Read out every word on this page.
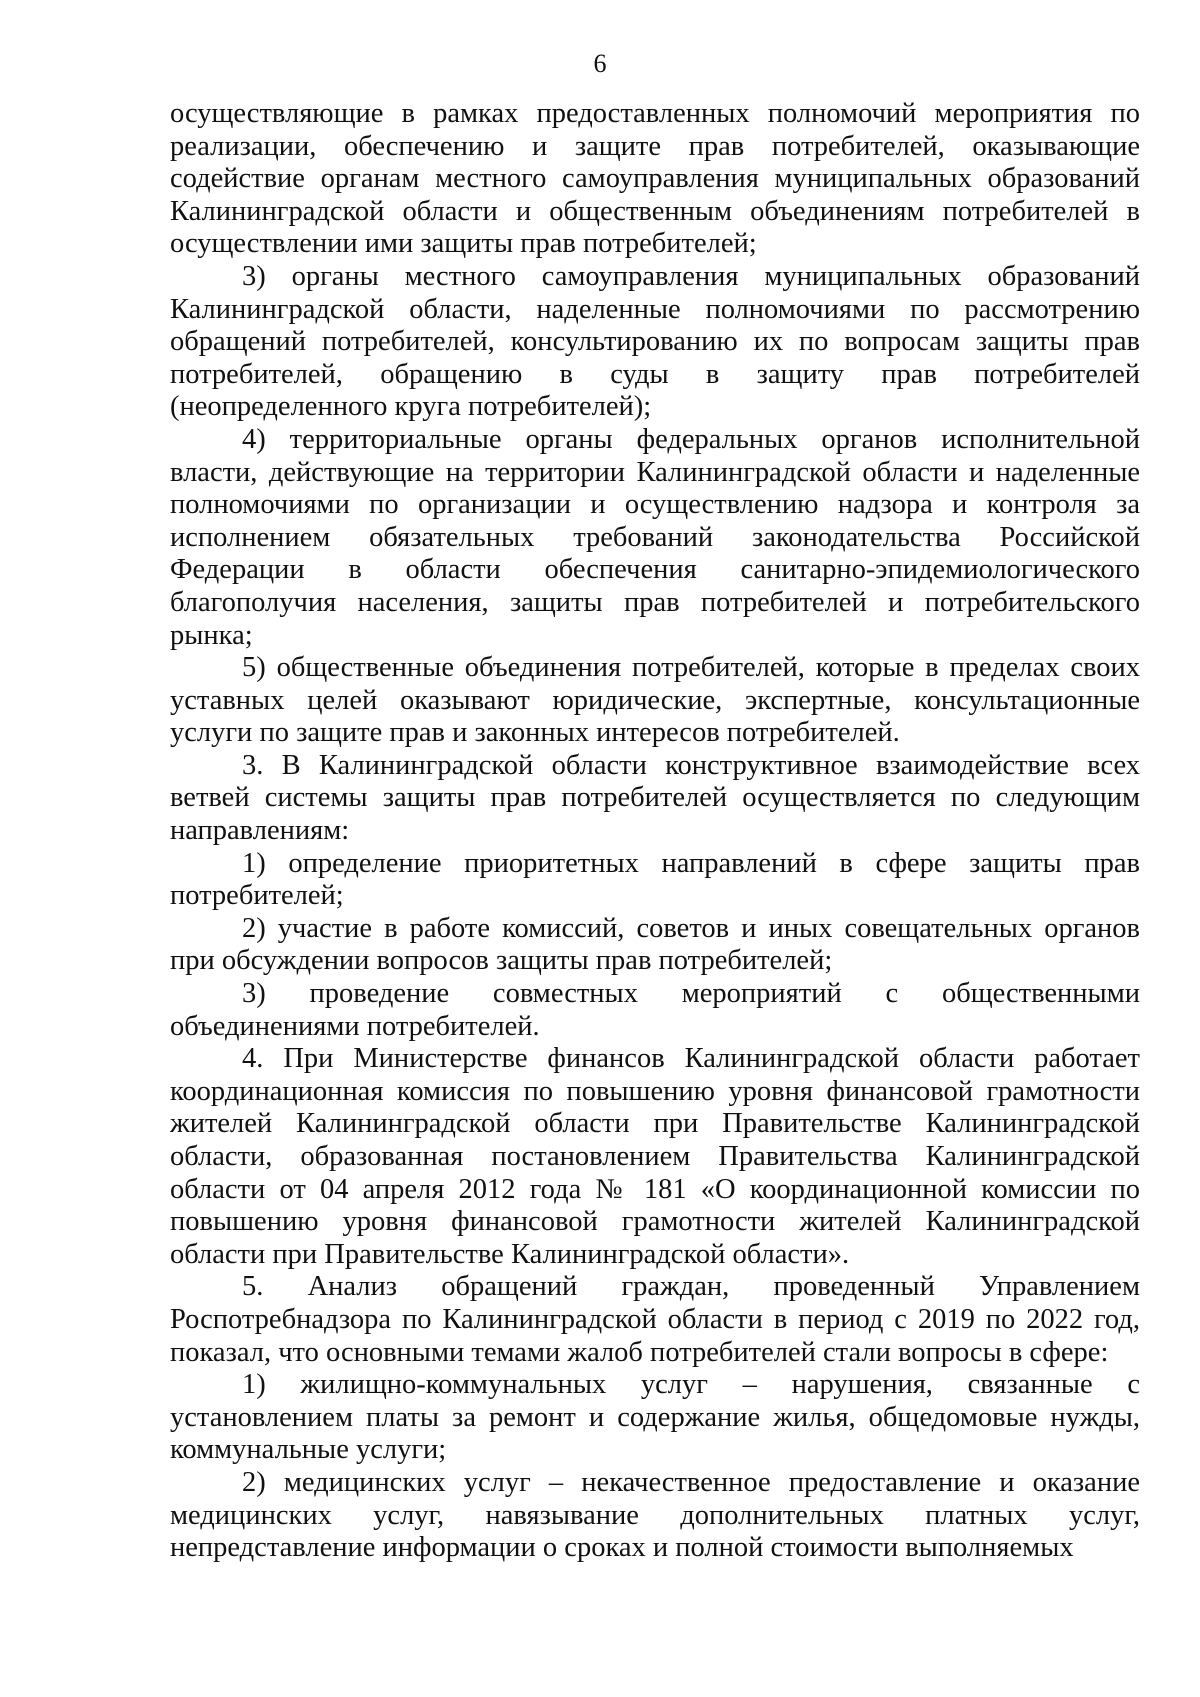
6

осуществляющие в рамках предоставленных полномочий мероприятия по реализации, обеспечению и защите прав потребителей, оказывающие содействие органам местного самоуправления муниципальных образований Калининградской области и общественным объединениям потребителей в осуществлении ими защиты прав потребителей;

3) органы местного самоуправления муниципальных образований Калининградской области, наделенные полномочиями по рассмотрению обращений потребителей, консультированию их по вопросам защиты прав потребителей, обращению в суды в защиту прав потребителей (неопределенного круга потребителей);

4) территориальные органы федеральных органов исполнительной власти, действующие на территории Калининградской области и наделенные полномочиями по организации и осуществлению надзора и контроля за исполнением обязательных требований законодательства Российской Федерации в области обеспечения санитарно-эпидемиологического благополучия населения, защиты прав потребителей и потребительского рынка;

5) общественные объединения потребителей, которые в пределах своих уставных целей оказывают юридические, экспертные, консультационные услуги по защите прав и законных интересов потребителей.

3. В Калининградской области конструктивное взаимодействие всех ветвей системы защиты прав потребителей осуществляется по следующим направлениям:

1) определение приоритетных направлений в сфере защиты прав потребителей;

2) участие в работе комиссий, советов и иных совещательных органов при обсуждении вопросов защиты прав потребителей;

3) проведение совместных мероприятий с общественными объединениями потребителей.

4. При Министерстве финансов Калининградской области работает координационная комиссия по повышению уровня финансовой грамотности жителей Калининградской области при Правительстве Калининградской области, образованная постановлением Правительства Калининградской области от 04 апреля 2012 года № 181 «О координационной комиссии по повышению уровня финансовой грамотности жителей Калининградской области при Правительстве Калининградской области».

5. Анализ обращений граждан, проведенный Управлением Роспотребнадзора по Калининградской области в период с 2019 по 2022 год, показал, что основными темами жалоб потребителей стали вопросы в сфере:

1) жилищно-коммунальных услуг – нарушения, связанные с установлением платы за ремонт и содержание жилья, общедомовые нужды, коммунальные услуги;

2) медицинских услуг – некачественное предоставление и оказание медицинских услуг, навязывание дополнительных платных услуг, непредставление информации о сроках и полной стоимости выполняемых
